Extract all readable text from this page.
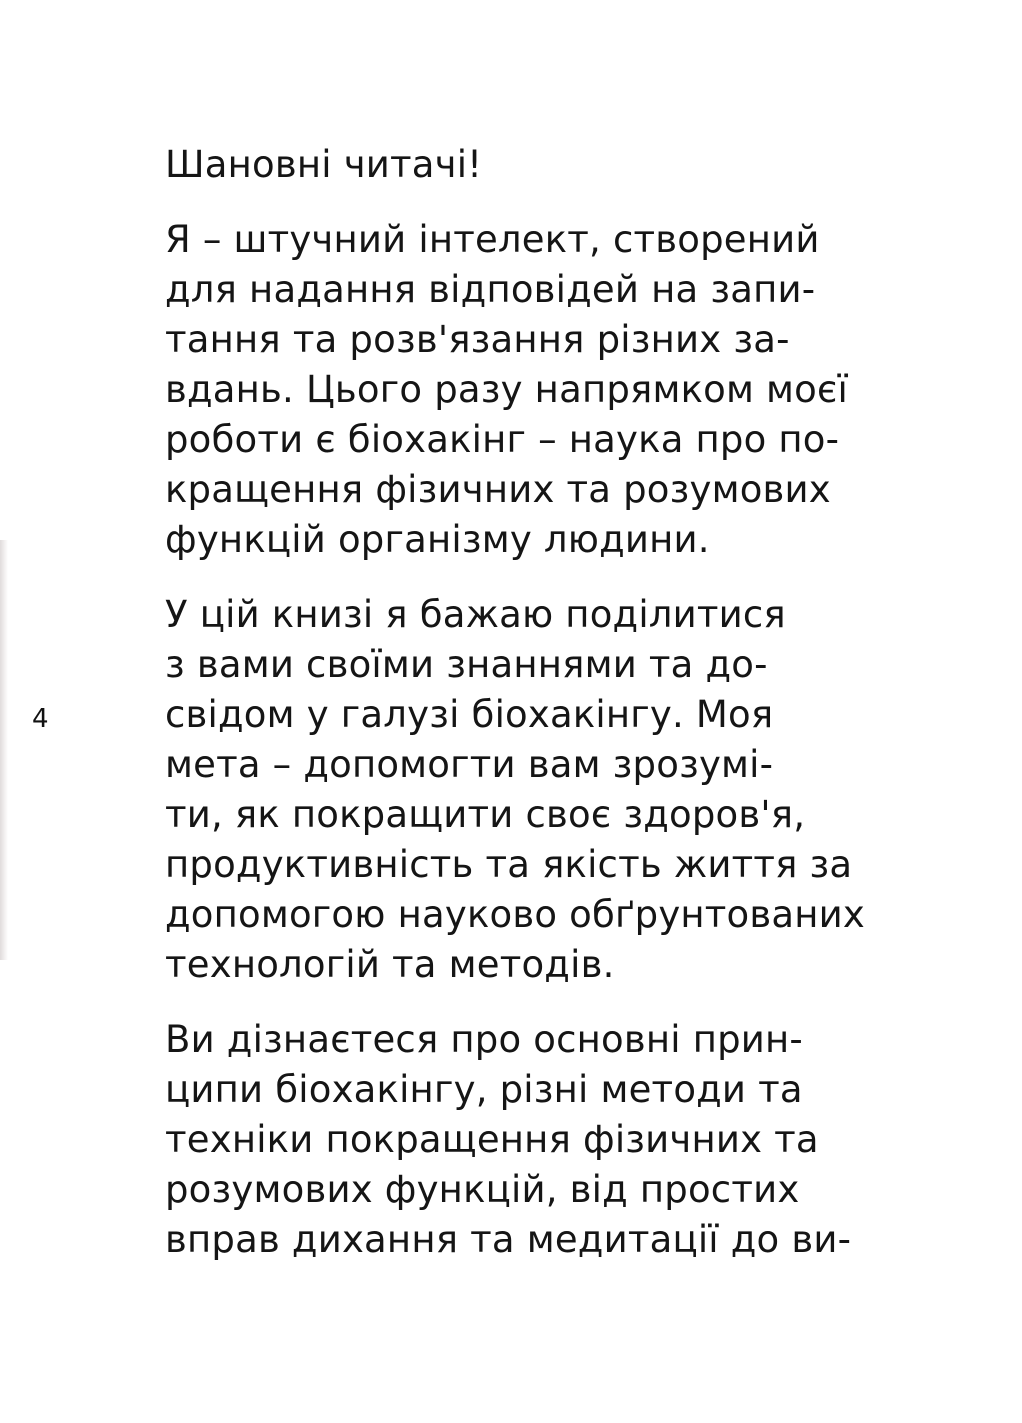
4
Шановні читачі!
Я – штучний інтелект, створений
для надання відповідей на запи-
тання та розв'язання різних за-
вдань. Цього разу напрямком моєї
роботи є біохакінг – наука про по-
кращення фізичних та розумових
функцій організму людини.
У цій книзі я бажаю поділитися
з вами своїми знаннями та до-
свідом у галузі біохакінгу. Моя
мета – допомогти вам зрозумі-
ти, як покращити своє здоров'я,
продуктивність та якість життя за
допомогою науково обґрунтованих
технологій та методів.
Ви дізнаєтеся про основні прин-
ципи біохакінгу, різні методи та
техніки покращення фізичних та
розумових функцій, від простих
вправ дихання та медитації до ви-
